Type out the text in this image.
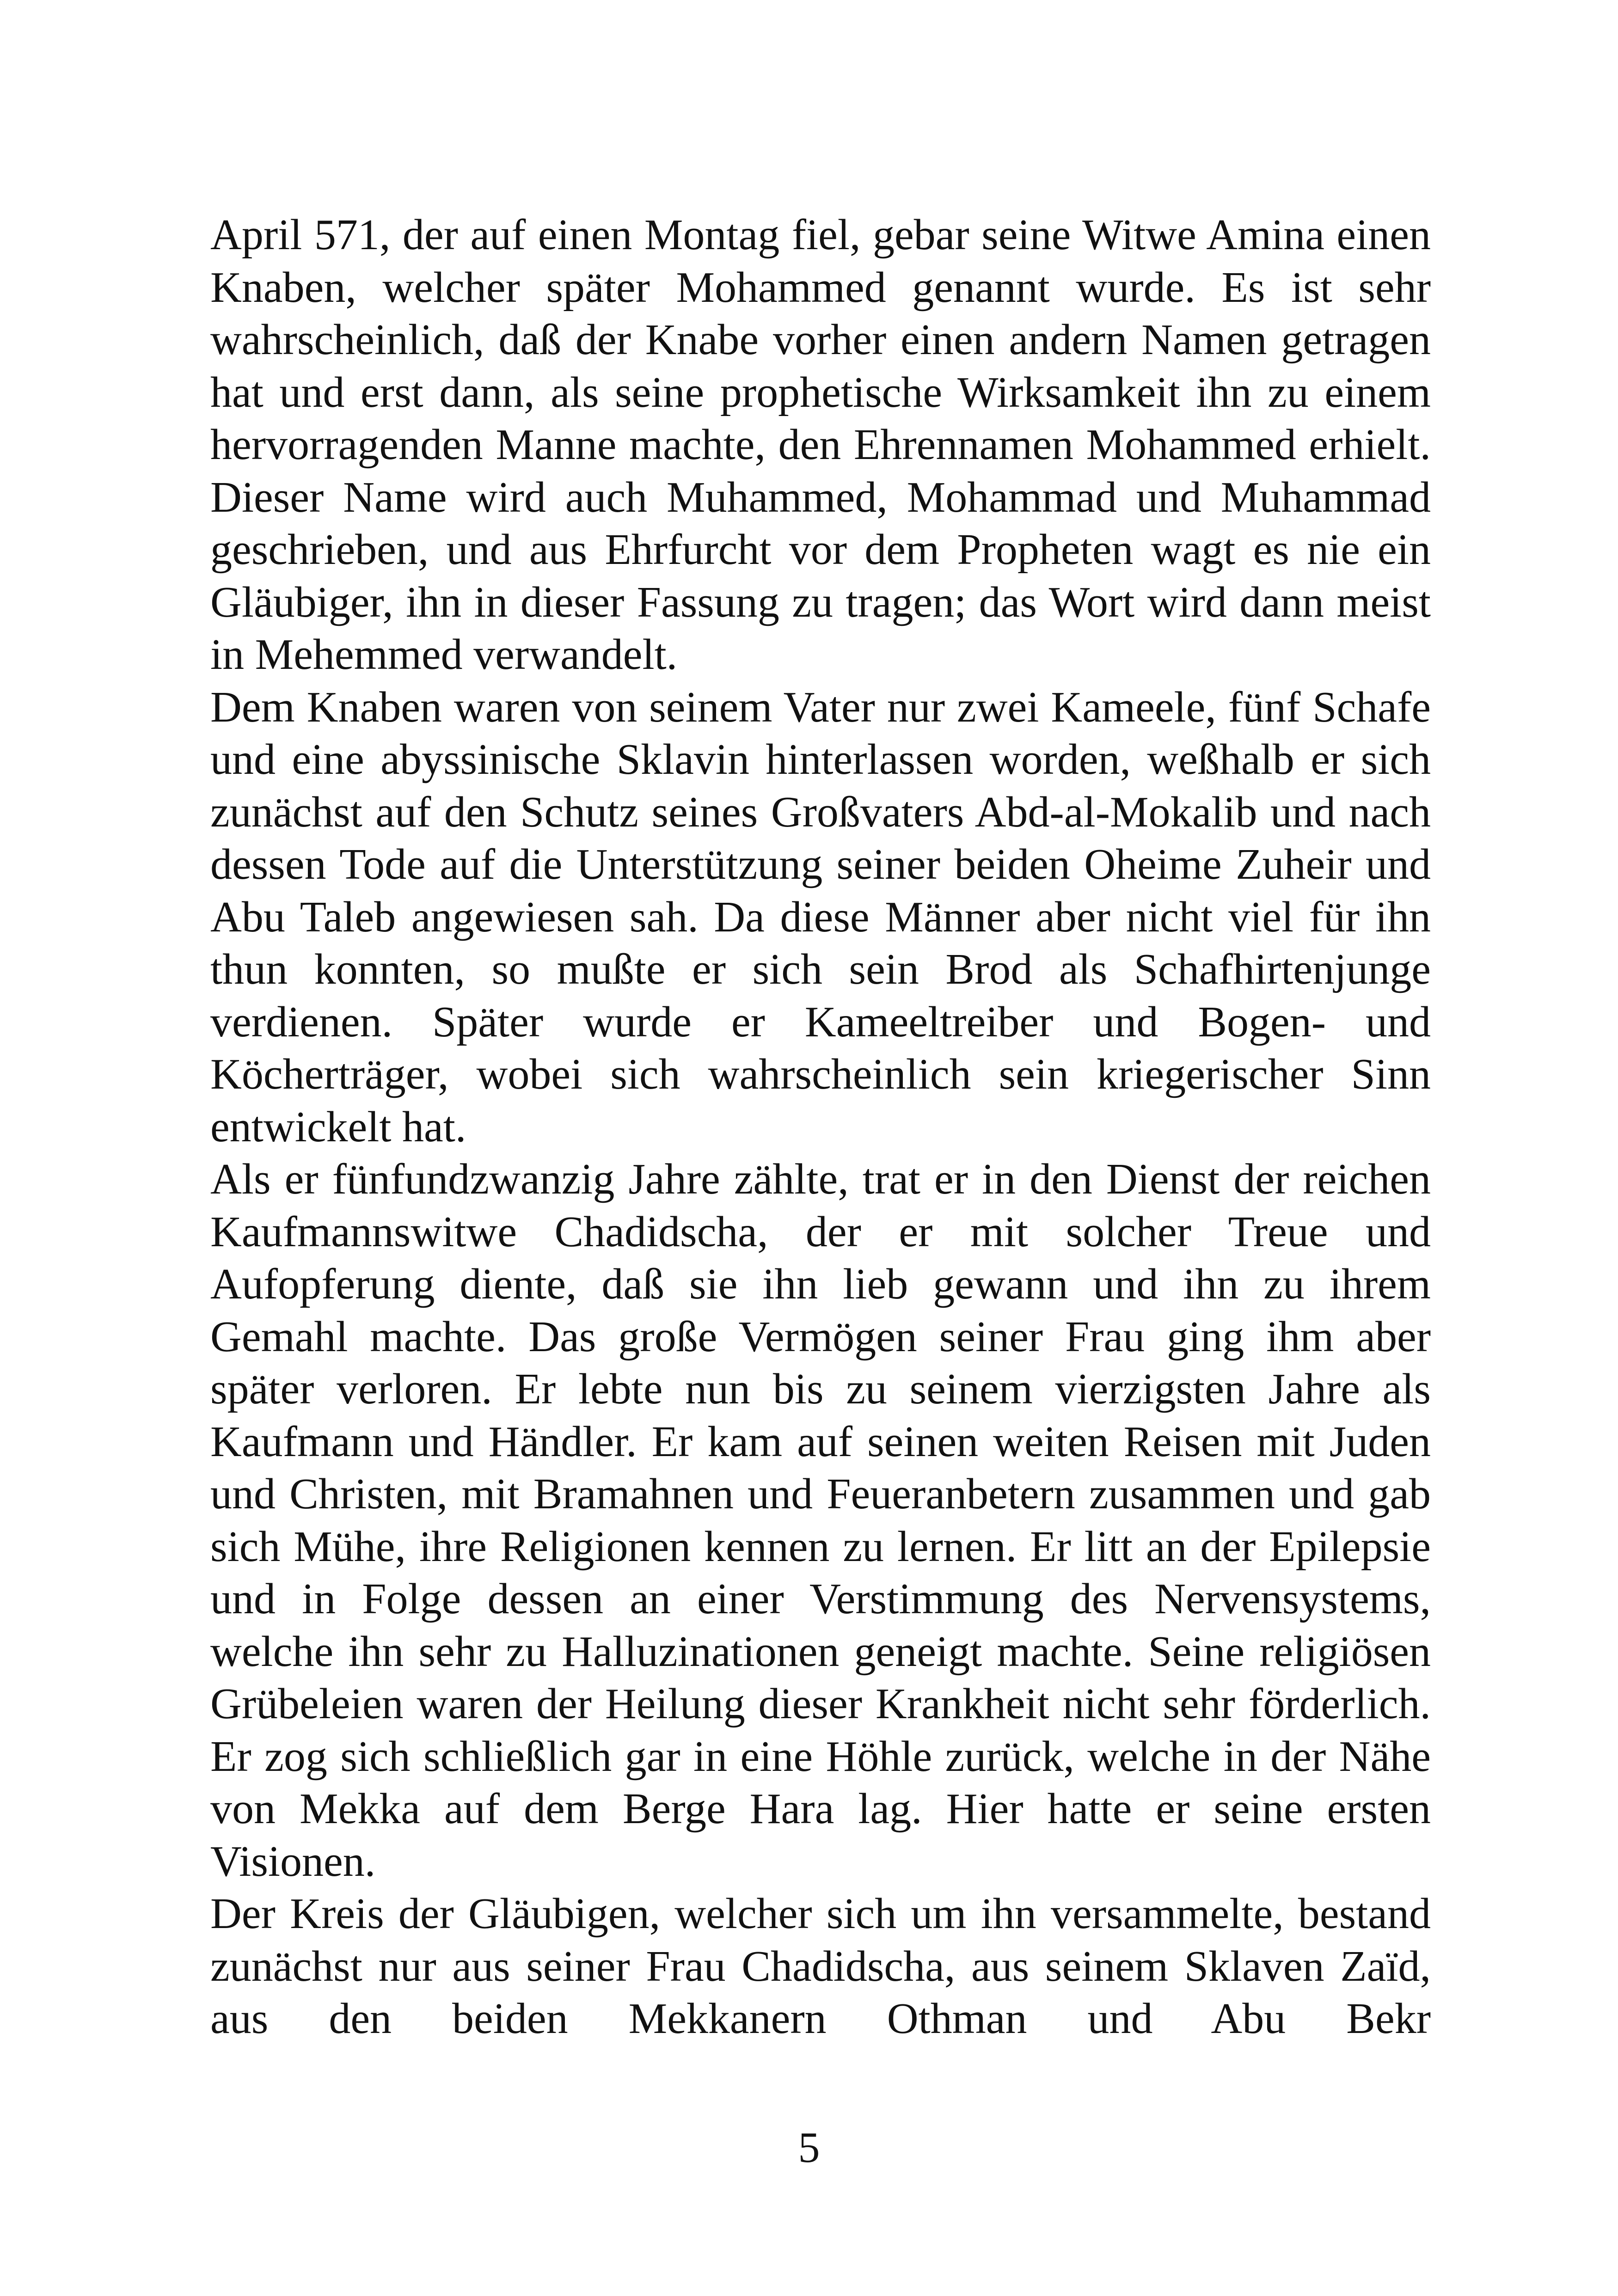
April 571, der auf einen Montag fiel, gebar seine Witwe Amina einen Knaben, welcher später Mohammed genannt wurde. Es ist sehr wahrscheinlich, daß der Knabe vorher einen andern Namen getragen hat und erst dann, als seine prophetische Wirksamkeit ihn zu einem hervorragenden Manne machte, den Ehrennamen Mohammed erhielt. Dieser Name wird auch Muhammed, Mohammad und Muhammad geschrieben, und aus Ehrfurcht vor dem Propheten wagt es nie ein Gläubiger, ihn in dieser Fassung zu tragen; das Wort wird dann meist in Mehemmed verwandelt.

Dem Knaben waren von seinem Vater nur zwei Kameele, fünf Schafe und eine abyssinische Sklavin hinterlassen worden, weßhalb er sich zunächst auf den Schutz seines Großvaters Abd-al-Mokalib und nach dessen Tode auf die Unterstützung seiner beiden Oheime Zuheir und Abu Taleb angewiesen sah. Da diese Männer aber nicht viel für ihn thun konnten, so mußte er sich sein Brod als Schafhirtenjunge verdienen. Später wurde er Kameeltreiber und Bogen- und Köcherträger, wobei sich wahrscheinlich sein kriegerischer Sinn entwickelt hat.

Als er fünfundzwanzig Jahre zählte, trat er in den Dienst der reichen Kaufmannswitwe Chadidscha, der er mit solcher Treue und Aufopferung diente, daß sie ihn lieb gewann und ihn zu ihrem Gemahl machte. Das große Vermögen seiner Frau ging ihm aber später verloren. Er lebte nun bis zu seinem vierzigsten Jahre als Kaufmann und Händler. Er kam auf seinen weiten Reisen mit Juden und Christen, mit Bramahnen und Feueranbetern zusammen und gab sich Mühe, ihre Religionen kennen zu lernen. Er litt an der Epilepsie und in Folge dessen an einer Verstimmung des Nervensystems, welche ihn sehr zu Halluzinationen geneigt machte. Seine religiösen Grübeleien waren der Heilung dieser Krankheit nicht sehr förderlich. Er zog sich schließlich gar in eine Höhle zurück, welche in der Nähe von Mekka auf dem Berge Hara lag. Hier hatte er seine ersten Visionen.

Der Kreis der Gläubigen, welcher sich um ihn versammelte, bestand zunächst nur aus seiner Frau Chadidscha, aus seinem Sklaven Zaïd, aus den beiden Mekkanern Othman und Abu Bekr

5
